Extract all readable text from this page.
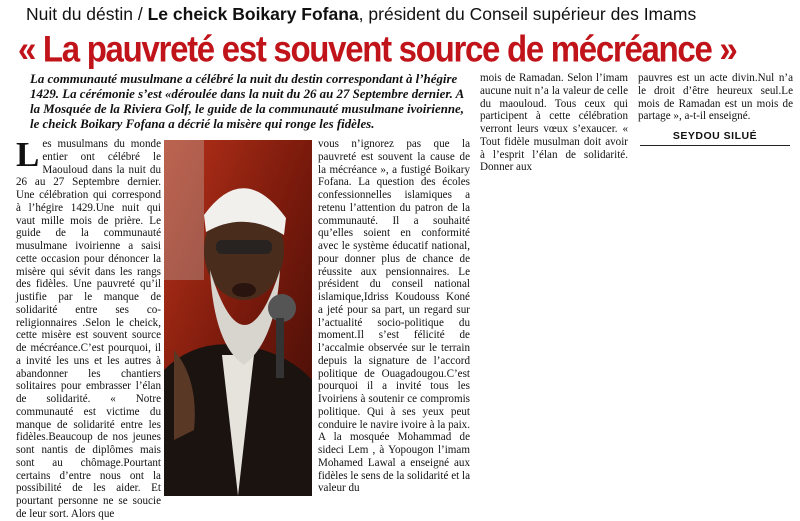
Nuit du déstin / Le cheick Boikary Fofana, président du Conseil supérieur des Imams
« La pauvreté est souvent source de mécréance »

La communauté musulmane a célébré la nuit du destin correspondant à l’hégire 1429. La cérémonie s’est «déroulée dans la nuit du 26 au 27 Septembre dernier. A la Mosquée de la Riviera Golf, le guide de la communauté musulmane ivoirienne, le cheick Boikary Fofana a décrié la misère qui ronge les fidèles.

L es musulmans du monde entier ont célébré le Maouloud dans la nuit du 26 au 27 Septembre dernier. Une célébration qui correspond à l’hégire 1429.Une nuit qui vaut mille mois de prière. Le guide de la communauté musulmane ivoirienne a saisi cette occasion pour dénoncer la misère qui sévit dans les rangs des fidèles. Une pauvreté qu’il justifie par le manque de solidarité entre ses co-religionnaires .Selon le cheick, cette misère est souvent source de mécréance.C’est pourquoi, il a invité les uns et les autres à abandonner les chantiers solitaires pour embrasser l’élan de solidarité. « Notre communauté est victime du manque de solidarité entre les fidèles.Beaucoup de nos jeunes sont nantis de diplômes mais sont au chômage.Pourtant certains d’entre nous ont la possibilité de les aider. Et pourtant personne ne se soucie de leur sort. Alors que

vous n’ignorez pas que la pauvreté est souvent la cause de la mécréance », a fustigé Boikary Fofana. La question des écoles confessionnelles islamiques a retenu l’attention du patron de la communauté. Il a souhaité qu’elles soient en conformité avec le système éducatif national, pour donner plus de chance de réussite aux pensionnaires. Le président du conseil national islamique,Idriss Koudouss Koné a jeté pour sa part, un regard sur l’actualité socio-politique du moment.Il s’est félicité de l’accalmie observée sur le terrain depuis la signature de l’accord politique de Ouagadougou.C’est pourquoi il a invité tous les Ivoiriens à soutenir ce compromis politique. Qui à ses yeux peut conduire le navire ivoire à la paix. A la mosquée Mohammad de sideci Lem , à Yopougon l’imam Mohamed Lawal a enseigné aux fidèles le sens de la solidarité et la valeur du

mois de Ramadan. Selon l’imam aucune nuit n’a la valeur de celle du maouloud. Tous ceux qui participent à cette célébration verront leurs vœux s’exaucer. « Tout fidèle musulman doit avoir à l’esprit l’élan de solidarité. Donner aux

pauvres est un acte divin.Nul n’a le droit d’être heureux seul.Le mois de Ramadan est un mois de partage », a-t-il enseigné.

SEYDOU SILUÉ
